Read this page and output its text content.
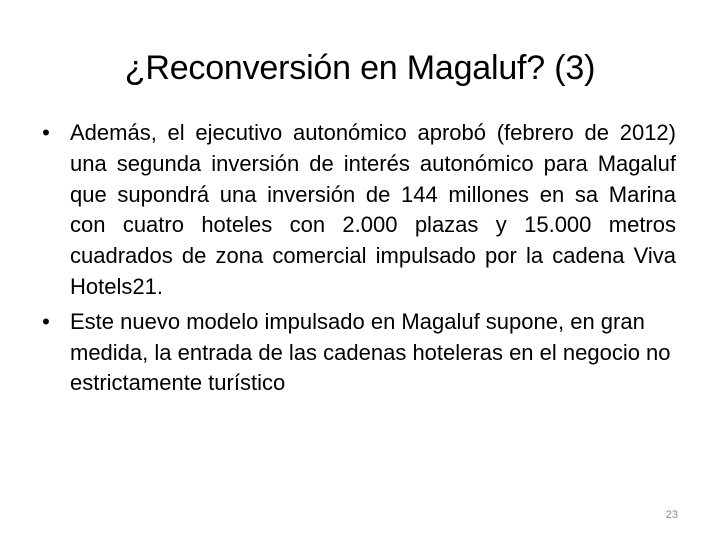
¿Reconversión en Magaluf? (3)
• Además, el ejecutivo autonómico aprobó (febrero de 2012) una segunda inversión de interés autonómico para Magaluf que supondrá una inversión de 144 millones en sa Marina con cuatro hoteles con 2.000 plazas y 15.000 metros cuadrados de zona comercial impulsado por la cadena Viva Hotels21.
• Este nuevo modelo impulsado en Magaluf supone, en gran medida, la entrada de las cadenas hoteleras en el negocio no estrictamente turístico
23
